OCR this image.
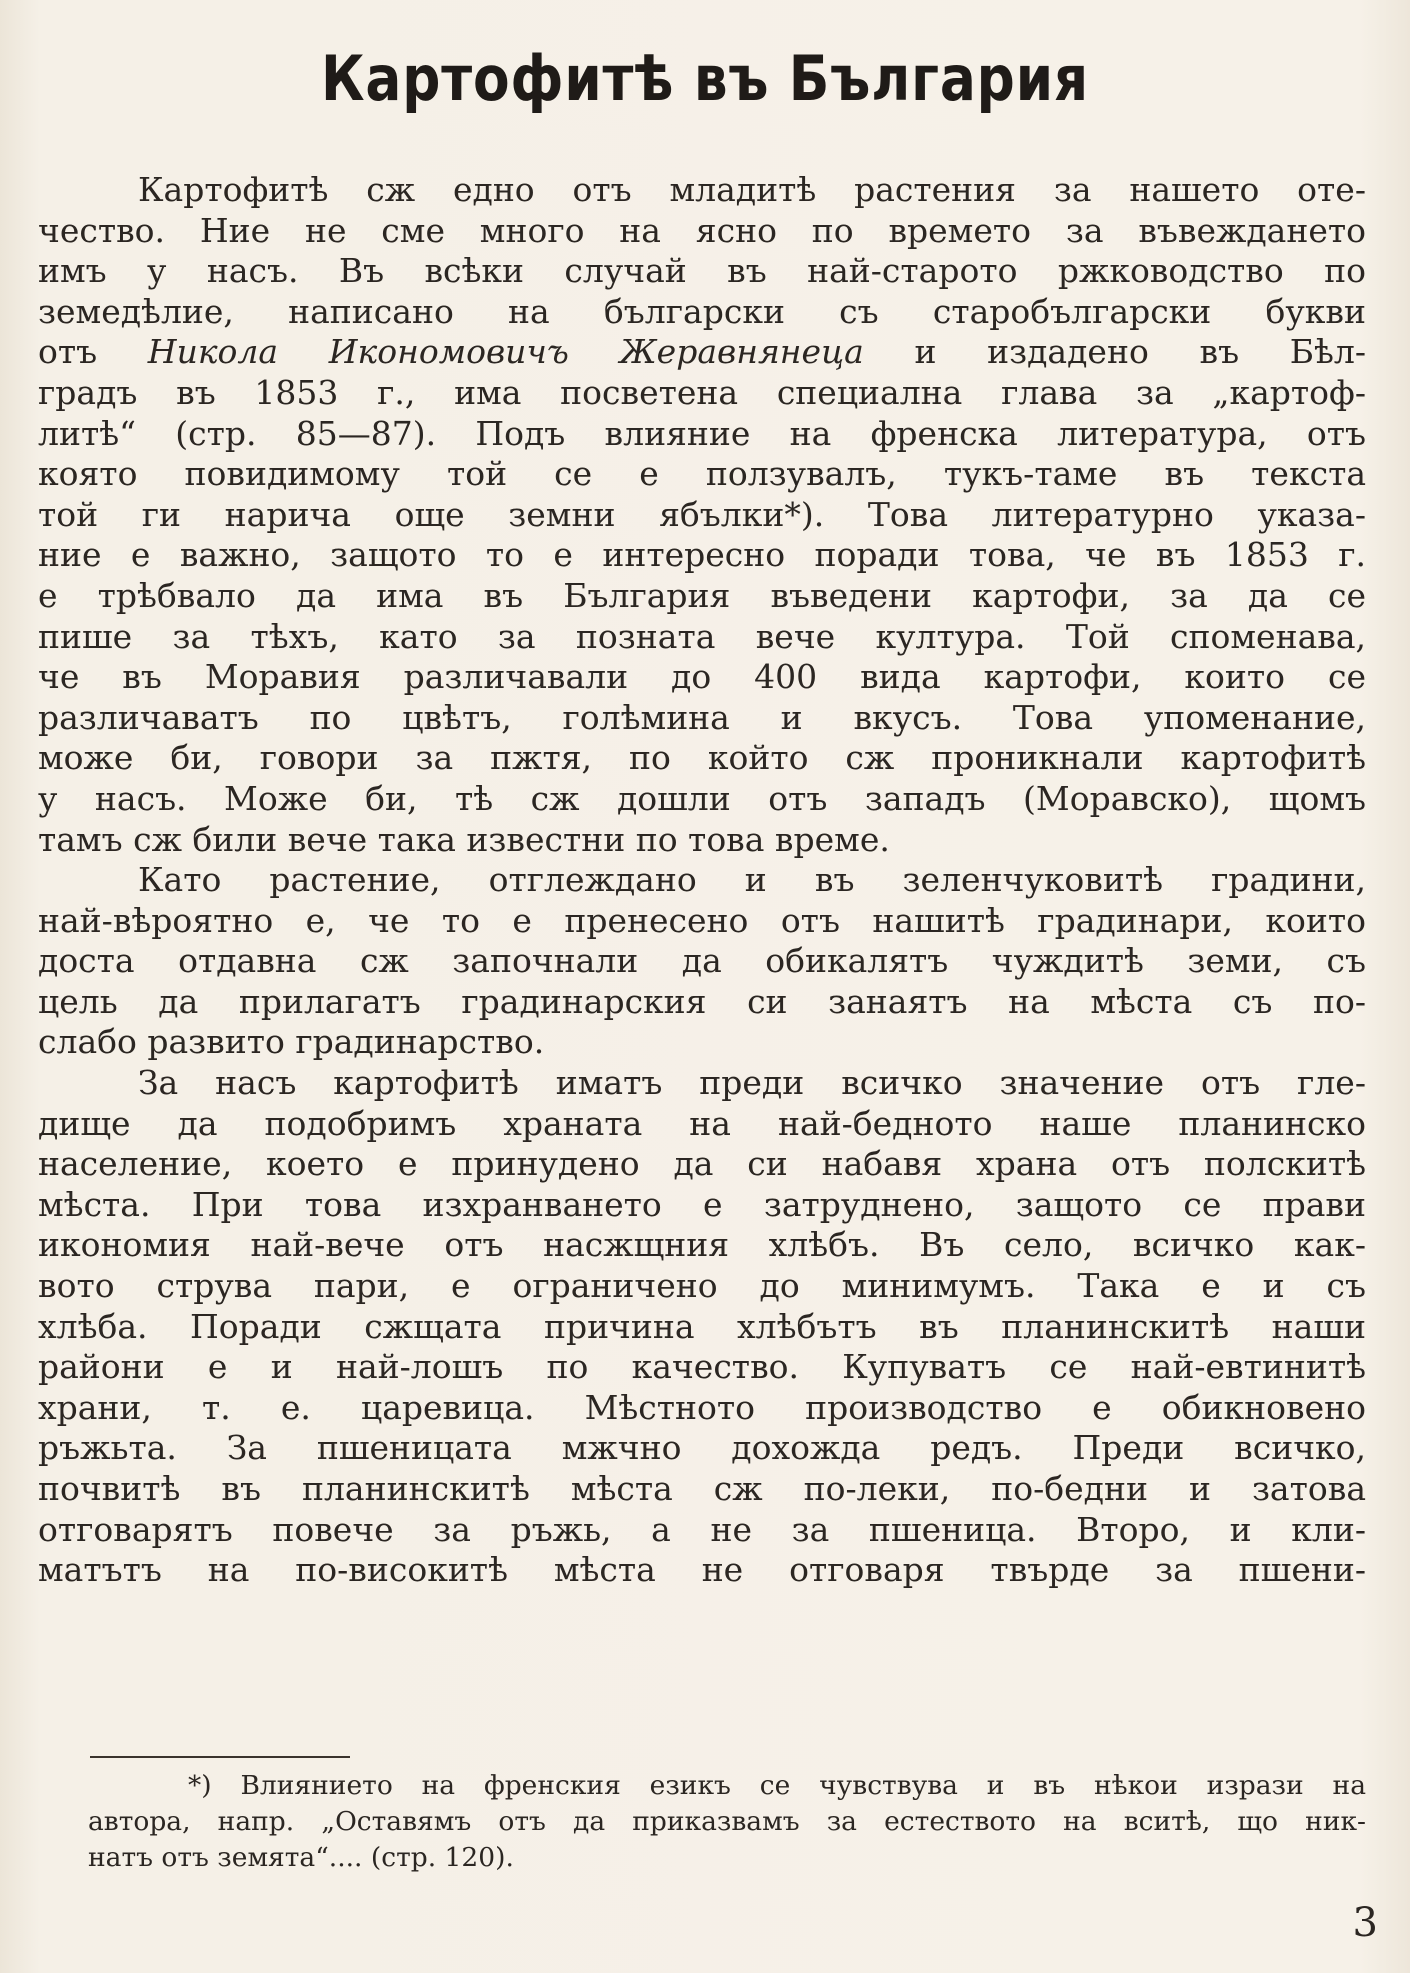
Картофитѣ въ България
Картофитѣ сж едно отъ младитѣ растения за нашето оте-
чество. Ние не сме много на ясно по времето за въвеждането
имъ у насъ. Въ всѣки случай въ най-старото ржководство по
земедѣлие, написано на български съ старобългарски букви
отъ Никола Икономовичъ Жеравнянеца и издадено въ Бѣл-
градъ въ 1853 г., има посветена специална глава за „картоф-
литѣ“ (стр. 85—87). Подъ влияние на френска литература, отъ
която повидимому той се е ползувалъ, тукъ-таме въ текста
той ги нарича още земни ябълки*). Това литературно указа-
ние е важно, защото то е интересно поради това, че въ 1853 г.
е трѣбвало да има въ България въведени картофи, за да се
пише за тѣхъ, като за позната вече култура. Той споменава,
че въ Моравия различавали до 400 вида картофи, които се
различаватъ по цвѣтъ, голѣмина и вкусъ. Това упоменание,
може би, говори за пжтя, по който сж проникнали картофитѣ
у насъ. Може би, тѣ сж дошли отъ западъ (Моравско), щомъ
тамъ сж били вече така известни по това време.
Като растение, отглеждано и въ зеленчуковитѣ градини,
най-вѣроятно е, че то е пренесено отъ нашитѣ градинари, които
доста отдавна сж започнали да обикалятъ чуждитѣ земи, съ
цель да прилагатъ градинарския си занаятъ на мѣста съ по-
слабо развито градинарство.
За насъ картофитѣ иматъ преди всичко значение отъ гле-
дище да подобримъ храната на най-бедното наше планинско
население, което е принудено да си набавя храна отъ полскитѣ
мѣста. При това изхранването е затруднено, защото се прави
икономия най-вече отъ насжщния хлѣбъ. Въ село, всичко как-
вото струва пари, е ограничено до минимумъ. Така е и съ
хлѣба. Поради сжщата причина хлѣбътъ въ планинскитѣ наши
райони е и най-лошъ по качество. Купуватъ се най-евтинитѣ
храни, т. е. царевица. Мѣстното производство е обикновено
ръжьта. За пшеницата мжчно дохожда редъ. Преди всичко,
почвитѣ въ планинскитѣ мѣста сж по-леки, по-бедни и затова
отговарятъ повече за ръжь, а не за пшеница. Второ, и кли-
матътъ на по-високитѣ мѣста не отговаря твърде за пшени-
*) Влиянието на френския езикъ се чувствува и въ нѣкои изрази на
автора, напр. „Оставямъ отъ да приказвамъ за естеството на вситѣ, що ник-
натъ отъ земята“.... (стр. 120).
3
